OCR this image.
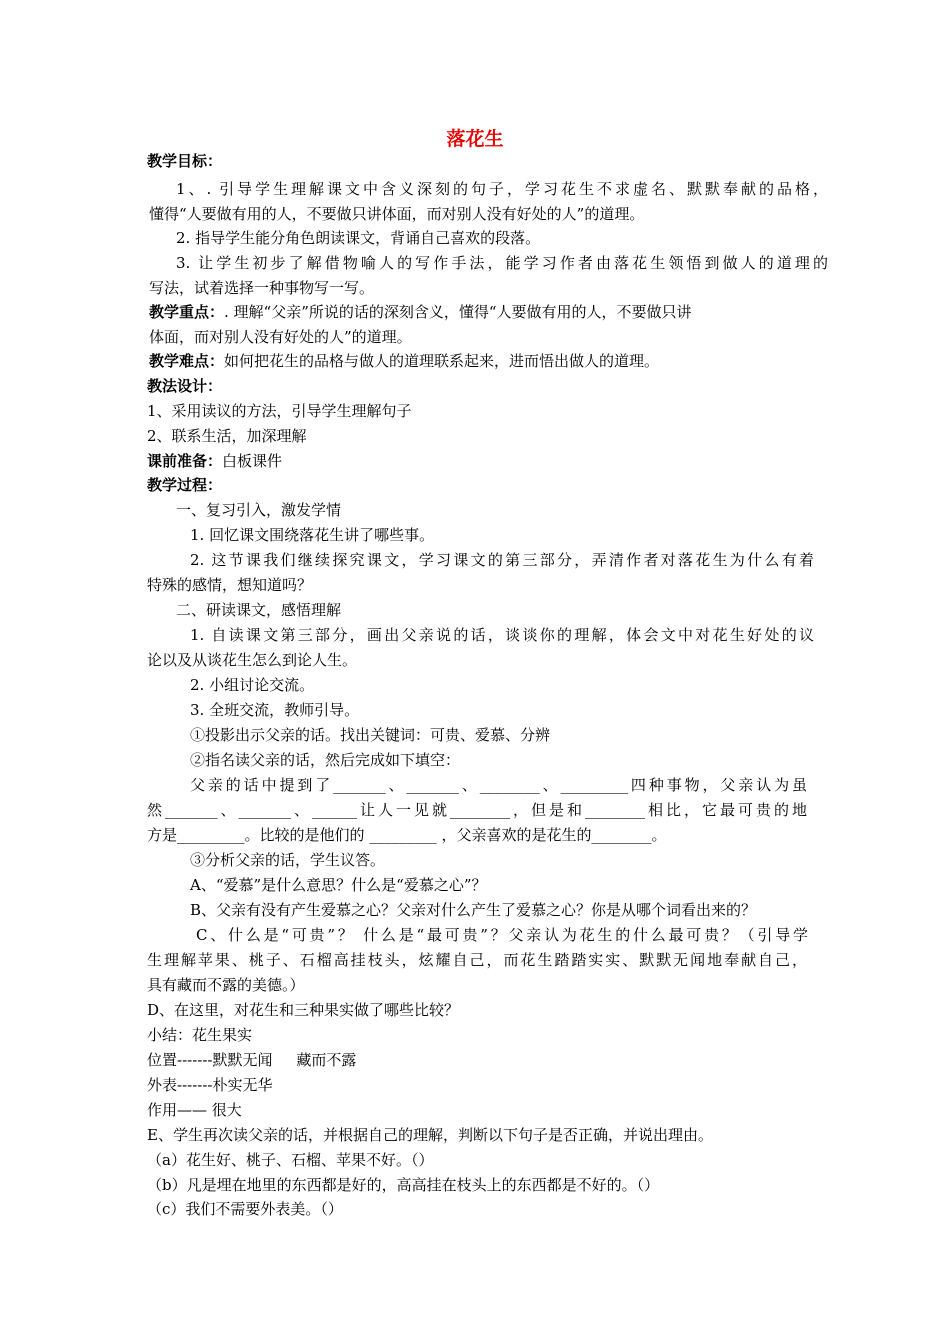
落花生
教学目标：
1、. 引导学生理解课文中含义深刻的句子，学习花生不求虚名、默默奉献的品格，
懂得“人要做有用的人，不要做只讲体面，而对别人没有好处的人”的道理。
2. 指导学生能分角色朗读课文，背诵自己喜欢的段落。
3. 让学生初步了解借物喻人的写作手法，能学习作者由落花生领悟到做人的道理的
写法，试着选择一种事物写一写。
教学重点：. 理解“父亲”所说的话的深刻含义，懂得“人要做有用的人，不要做只讲
体面，而对别人没有好处的人”的道理。
教学难点：如何把花生的品格与做人的道理联系起来，进而悟出做人的道理。
教法设计：
1、采用读议的方法，引导学生理解句子
2、联系生活，加深理解
课前准备：白板课件
教学过程：
一、复习引入，激发学情
1. 回忆课文围绕落花生讲了哪些事。
2. 这节课我们继续探究课文，学习课文的第三部分，弄清作者对落花生为什么有着
特殊的感情，想知道吗？
二、研读课文，感悟理解
1. 自读课文第三部分，画出父亲说的话，谈谈你的理解，体会文中对花生好处的议
论以及从谈花生怎么到论人生。
2. 小组讨论交流。
3. 全班交流，教师引导。
①投影出示父亲的话。找出关键词：可贵、爱慕、分辨
②指名读父亲的话，然后完成如下填空：
父亲的话中提到了_______、_______、________、_________四种事物，父亲认为虽
然_______、_______、______让人一见就________，但是和________相比，它最可贵的地
方是_________。比较的是他们的 _________ ，父亲喜欢的是花生的________。
③分析父亲的话，学生议答。
A、“爱慕”是什么意思？什么是“爱慕之心”？
B、父亲有没有产生爱慕之心？父亲对什么产生了爱慕之心？你是从哪个词看出来的？
C、什么是“可贵”？ 什么是“最可贵”？父亲认为花生的什么最可贵？（引导学
生理解苹果、桃子、石榴高挂枝头，炫耀自己，而花生踏踏实实、默默无闻地奉献自己，
具有藏而不露的美德。）
D、在这里，对花生和三种果实做了哪些比较？
小结：花生果实
位置-------默默无闻     藏而不露
外表-------朴实无华
作用—— 很大
E、学生再次读父亲的话，并根据自己的理解，判断以下句子是否正确，并说出理由。
（a）花生好、桃子、石榴、苹果不好。（）
（b）凡是埋在地里的东西都是好的，高高挂在枝头上的东西都是不好的。（）
（c）我们不需要外表美。（）
